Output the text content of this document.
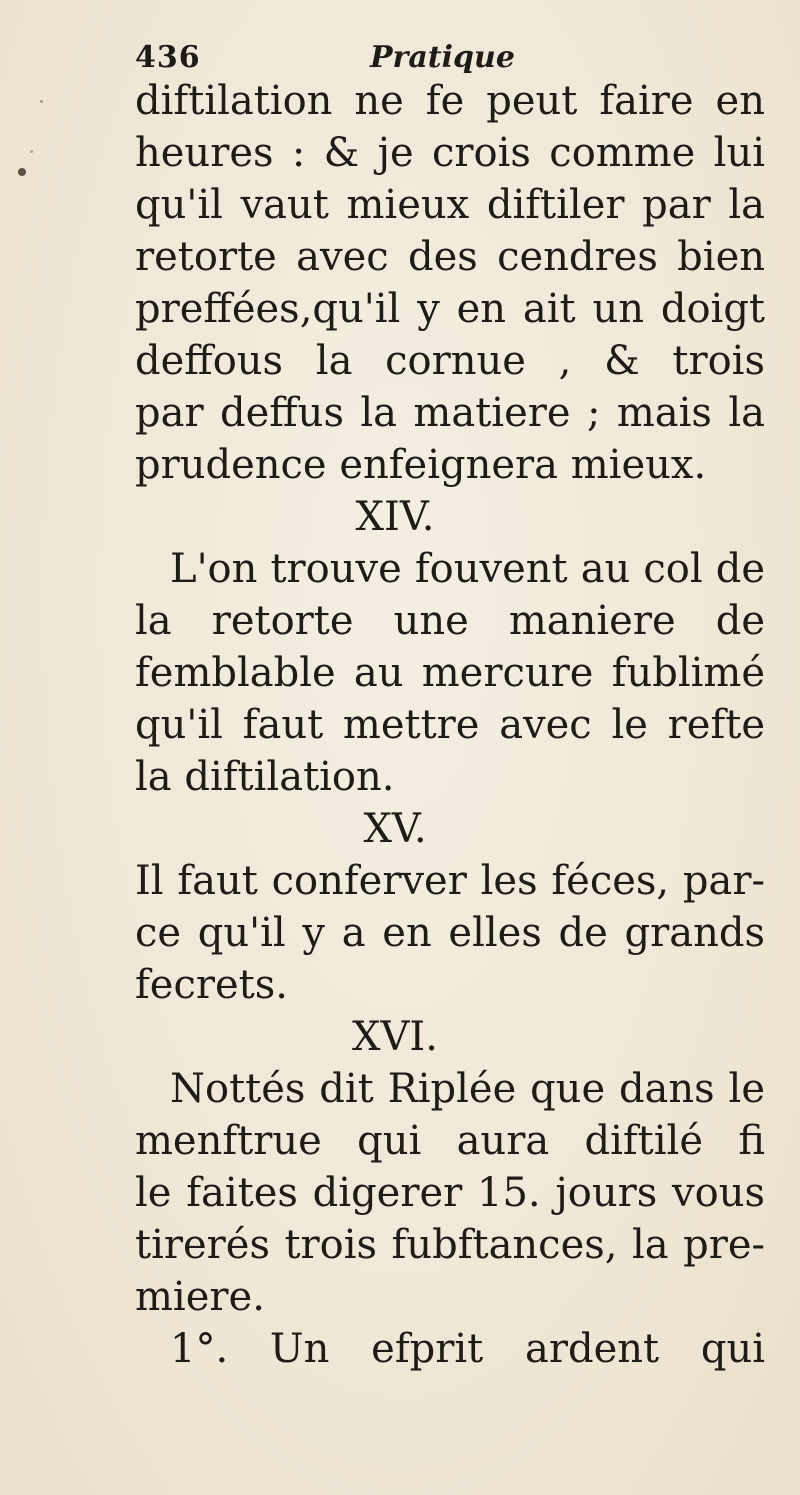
436	Pratique
diftilation ne fe peut faire en
heures : & je crois comme lui
qu'il vaut mieux diftiler par la
retorte avec des cendres bien
preffées,qu'il y en ait un doigt
deffous la cornue , & trois
par deffus la matiere ; mais la
prudence enfeignera mieux.
XIV.
L'on trouve fouvent au col de
la retorte une maniere de
femblable au mercure fublimé
qu'il faut mettre avec le refte
la diftilation.
XV.
Il faut conferver les féces, par-
ce qu'il y a en elles de grands
fecrets.
XVI.
Nottés dit Riplée que dans le
menftrue qui aura diftilé fi
le faites digerer 15. jours vous
tirerés trois fubftances, la pre-
miere.
1°. Un efprit ardent qui
